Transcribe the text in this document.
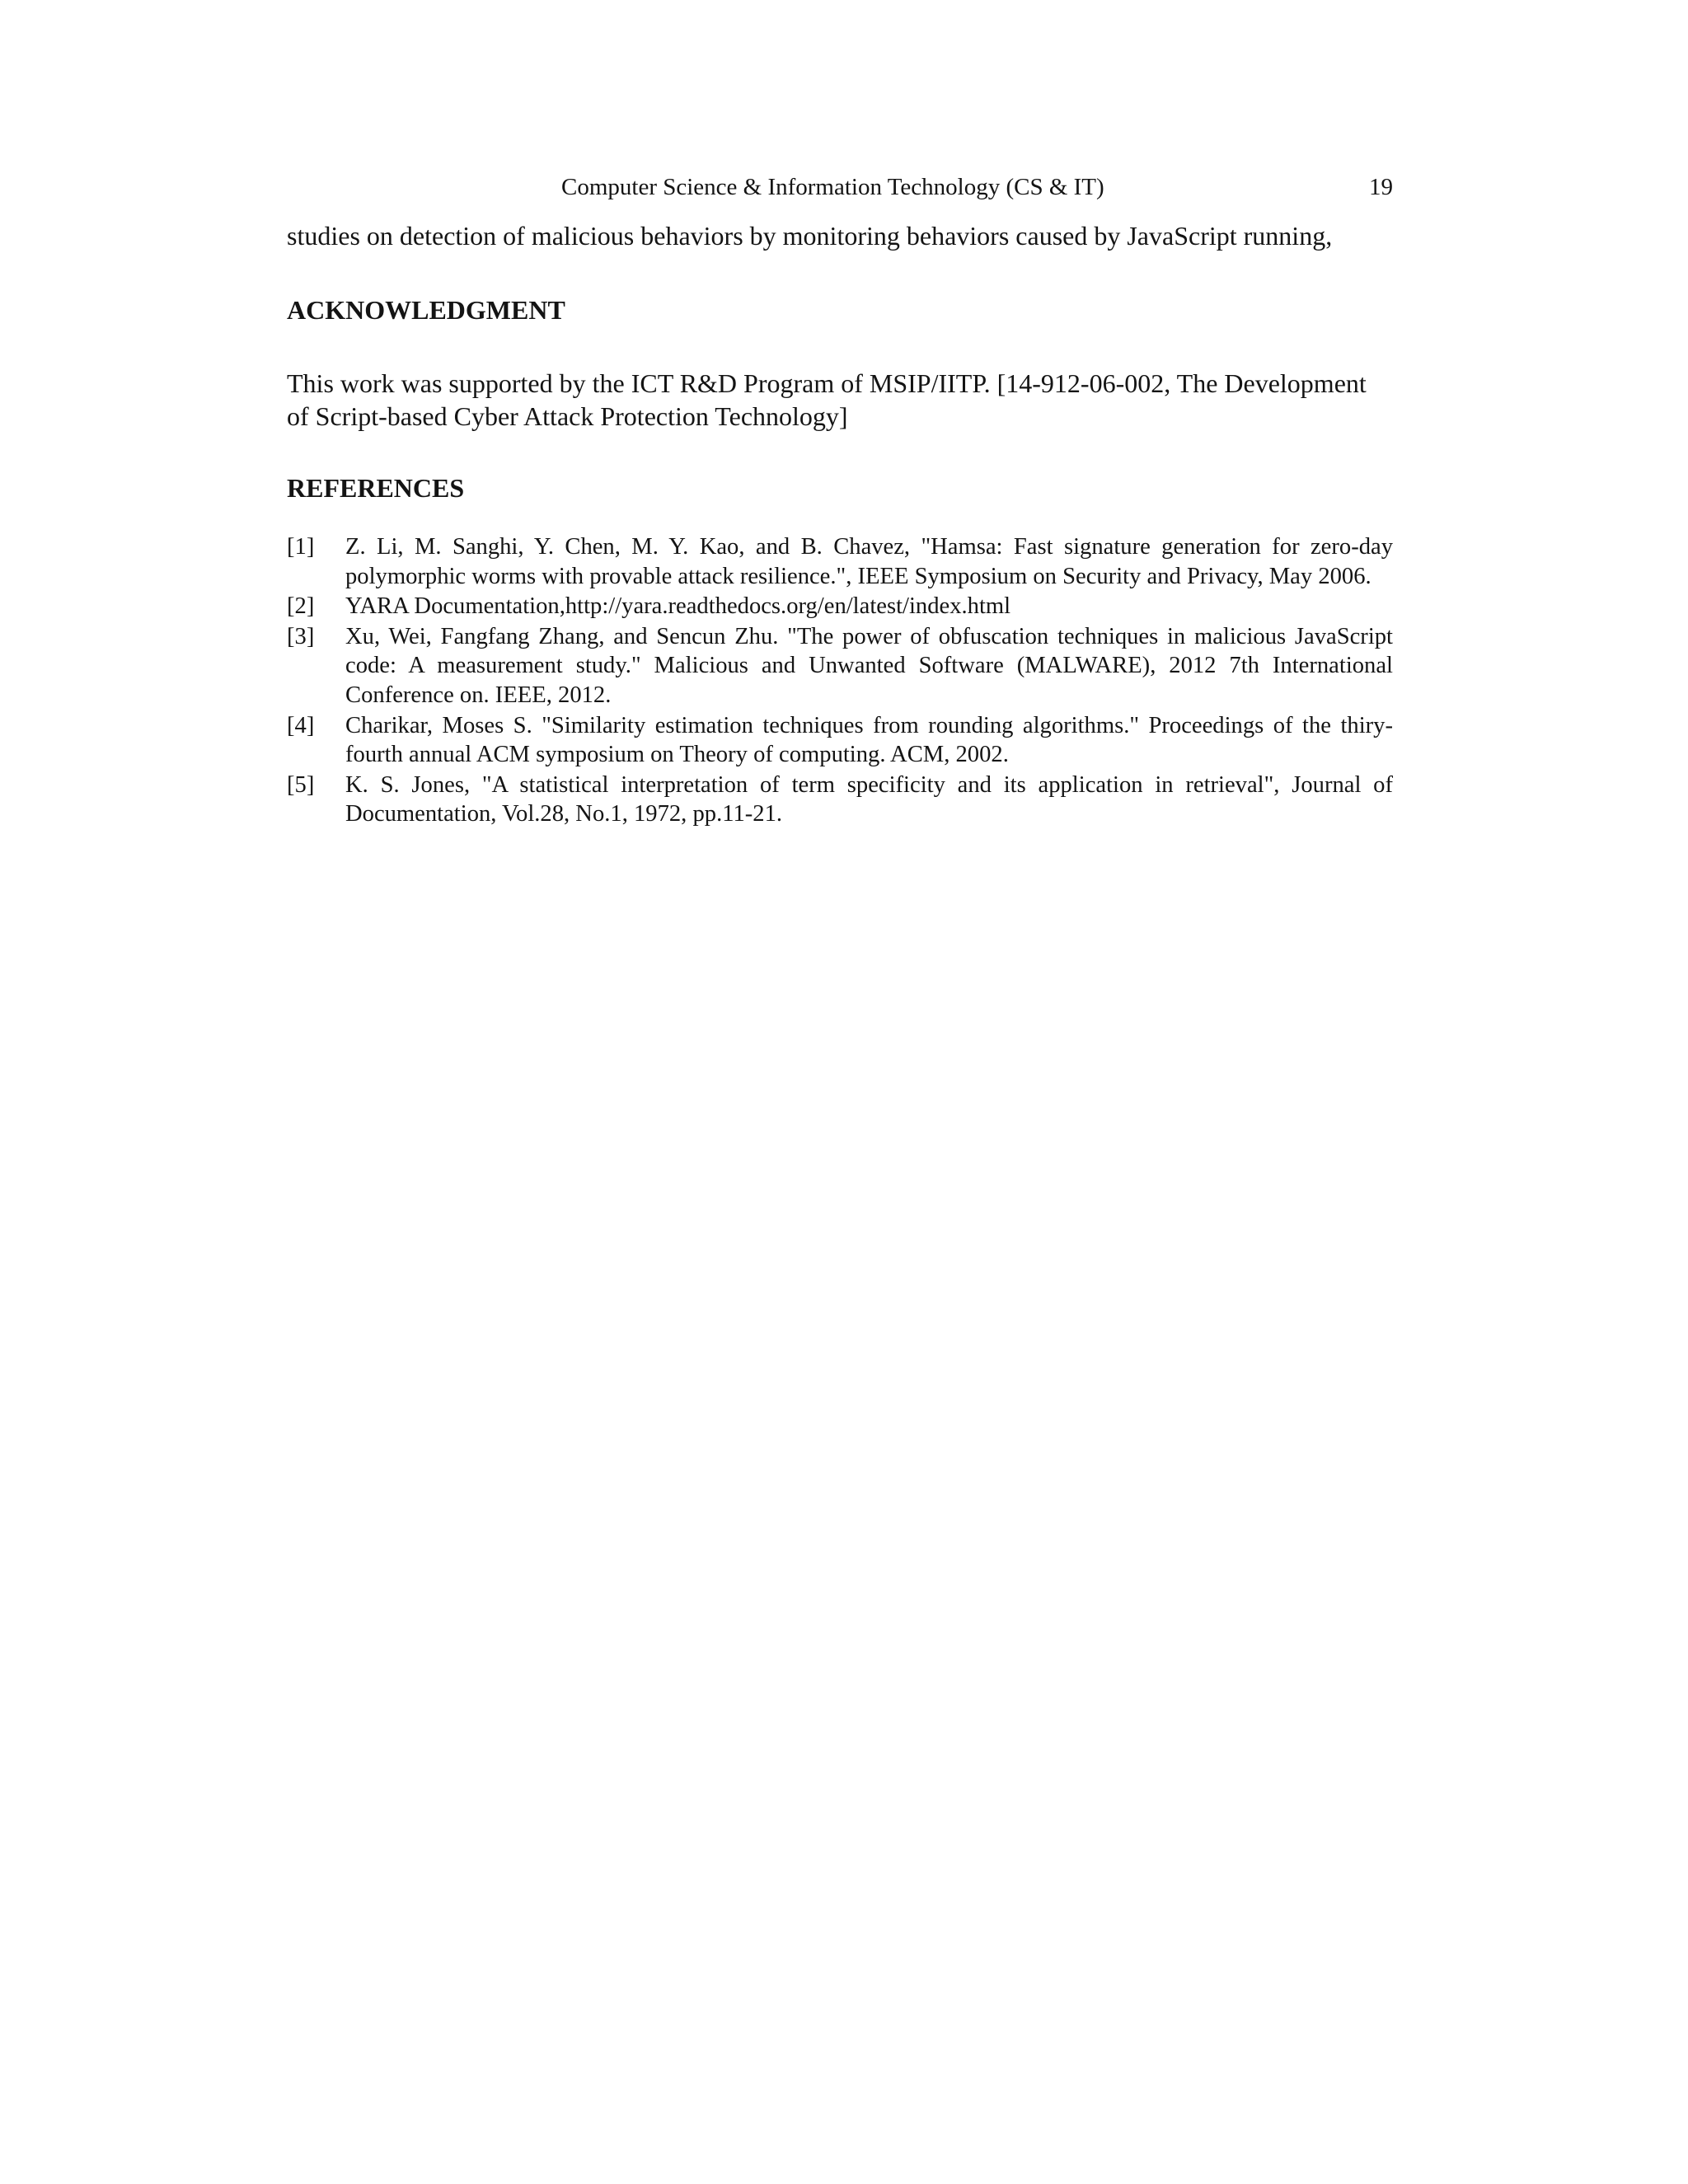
Computer Science & Information Technology (CS & IT)	19

studies on detection of malicious behaviors by monitoring behaviors caused by JavaScript running,

ACKNOWLEDGMENT

This work was supported by the ICT R&D Program of MSIP/IITP. [14-912-06-002, The Development of Script-based Cyber Attack Protection Technology]

REFERENCES
[1]	Z. Li, M. Sanghi, Y. Chen, M. Y. Kao, and B. Chavez, "Hamsa: Fast signature generation for zero-day polymorphic worms with provable attack resilience.", IEEE Symposium on Security and Privacy, May 2006.
[2]	YARA Documentation,http://yara.readthedocs.org/en/latest/index.html
[3]	Xu, Wei, Fangfang Zhang, and Sencun Zhu. "The power of obfuscation techniques in malicious JavaScript code: A measurement study." Malicious and Unwanted Software (MALWARE), 2012 7th International Conference on. IEEE, 2012.
[4]	Charikar, Moses S. "Similarity estimation techniques from rounding algorithms." Proceedings of the thiry-fourth annual ACM symposium on Theory of computing. ACM, 2002.
[5]	K. S. Jones, "A statistical interpretation of term specificity and its application in retrieval", Journal of Documentation, Vol.28, No.1, 1972, pp.11-21.
